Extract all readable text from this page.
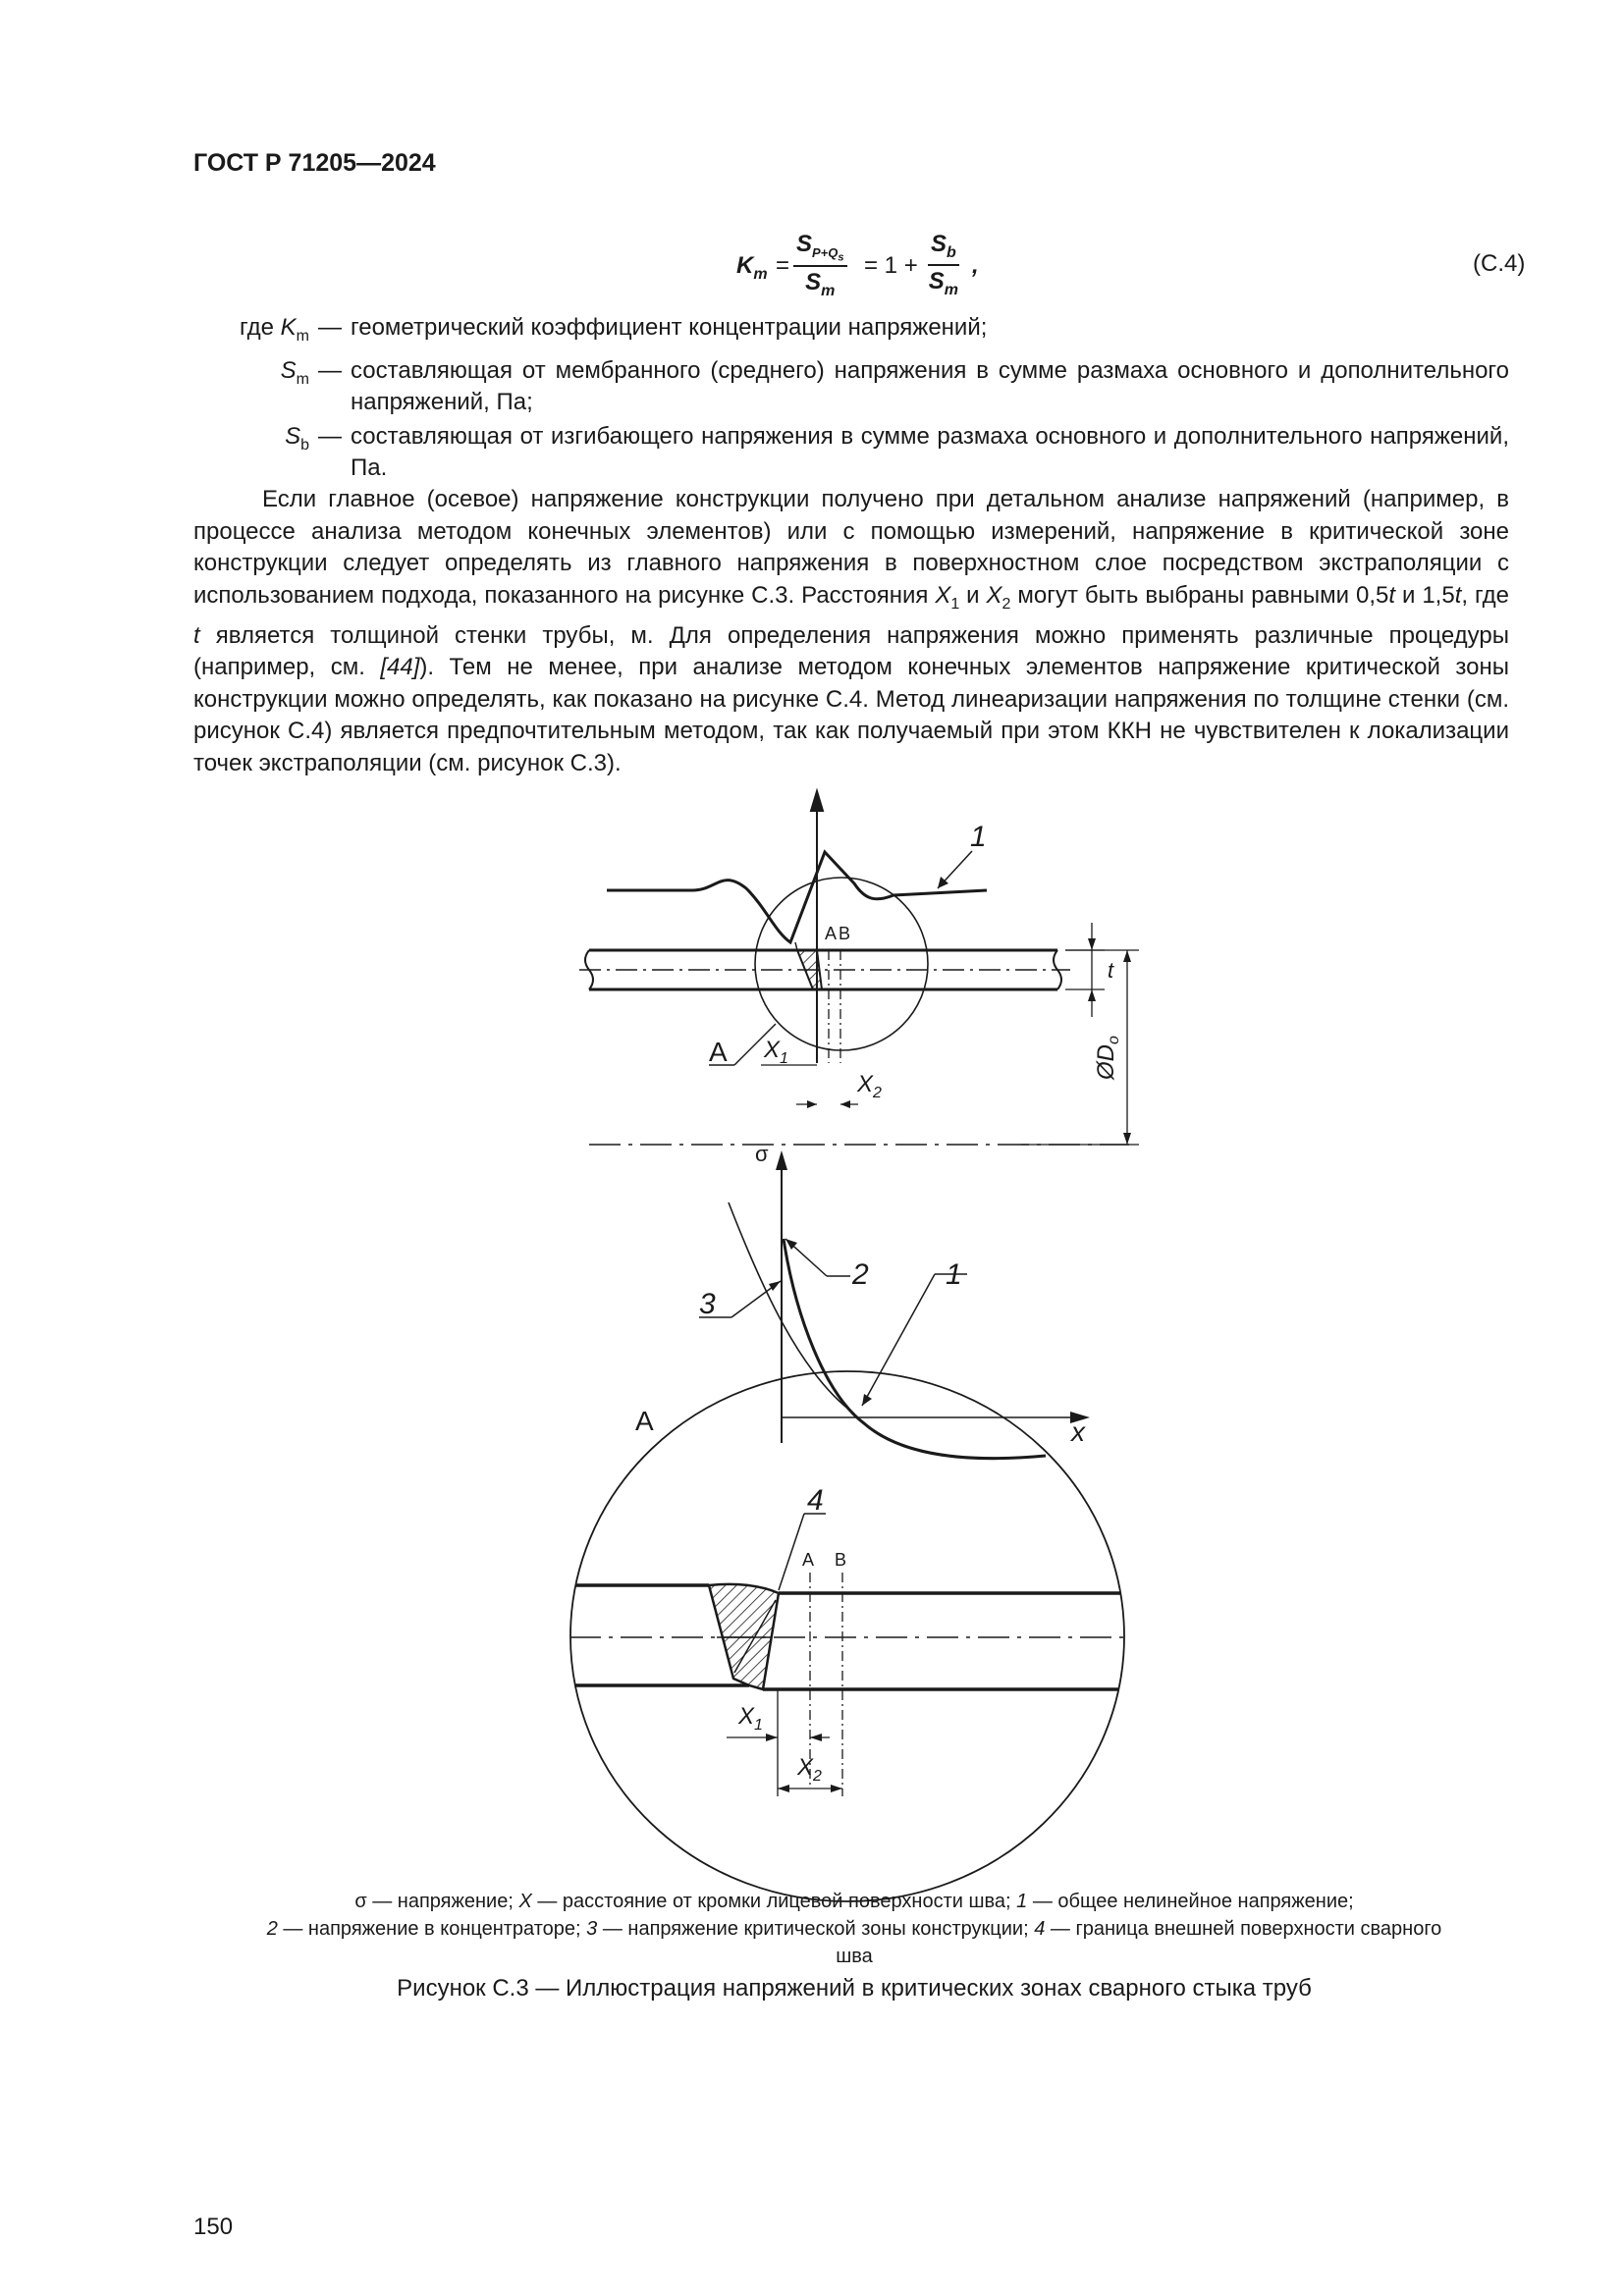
ГОСТ Р 71205—2024
$K_m = \frac{S_{P+Q_s}}{S_m} = 1 + \frac{S_b}{S_m}$ ,	(С.4)
где $K_m$ — геометрический коэффициент концентрации напряжений;
$S_m$ — составляющая от мембранного (среднего) напряжения в сумме размаха основного и дополнительного напряжений, Па;
$S_b$ — составляющая от изгибающего напряжения в сумме размаха основного и дополнительного напряжений, Па.
Если главное (осевое) напряжение конструкции получено при детальном анализе напряжений (например, в процессе анализа методом конечных элементов) или с помощью измерений, напряжение в критической зоне конструкции следует определять из главного напряжения в поверхностном слое посредством экстраполяции с использованием подхода, показанного на рисунке С.3. Расстояния $X_1$ и $X_2$ могут быть выбраны равными 0,5t и 1,5t, где t является толщиной стенки трубы, м. Для определения напряжения можно применять различные процедуры (например, см. [44]). Тем не менее, при анализе методом конечных элементов напряжение критической зоны конструкции можно определять, как показано на рисунке С.4. Метод линеаризации напряжения по толщине стенки (см. рисунок С.4) является предпочтительным методом, так как получаемый при этом ККН не чувствителен к локализации точек экстраполяции (см. рисунок С.3).
1
2	1
3
4
A B
A B
A
A
σ
$X_1$
$X_2$
x
$X_1$
$X_2$
t
$ØD_o$
σ — напряжение; X — расстояние от кромки лицевой поверхности шва; 1 — общее нелинейное напряжение;
2 — напряжение в концентраторе; 3 — напряжение критической зоны конструкции; 4 — граница внешней поверхности сварного шва
Рисунок С.3 — Иллюстрация напряжений в критических зонах сварного стыка труб
150
